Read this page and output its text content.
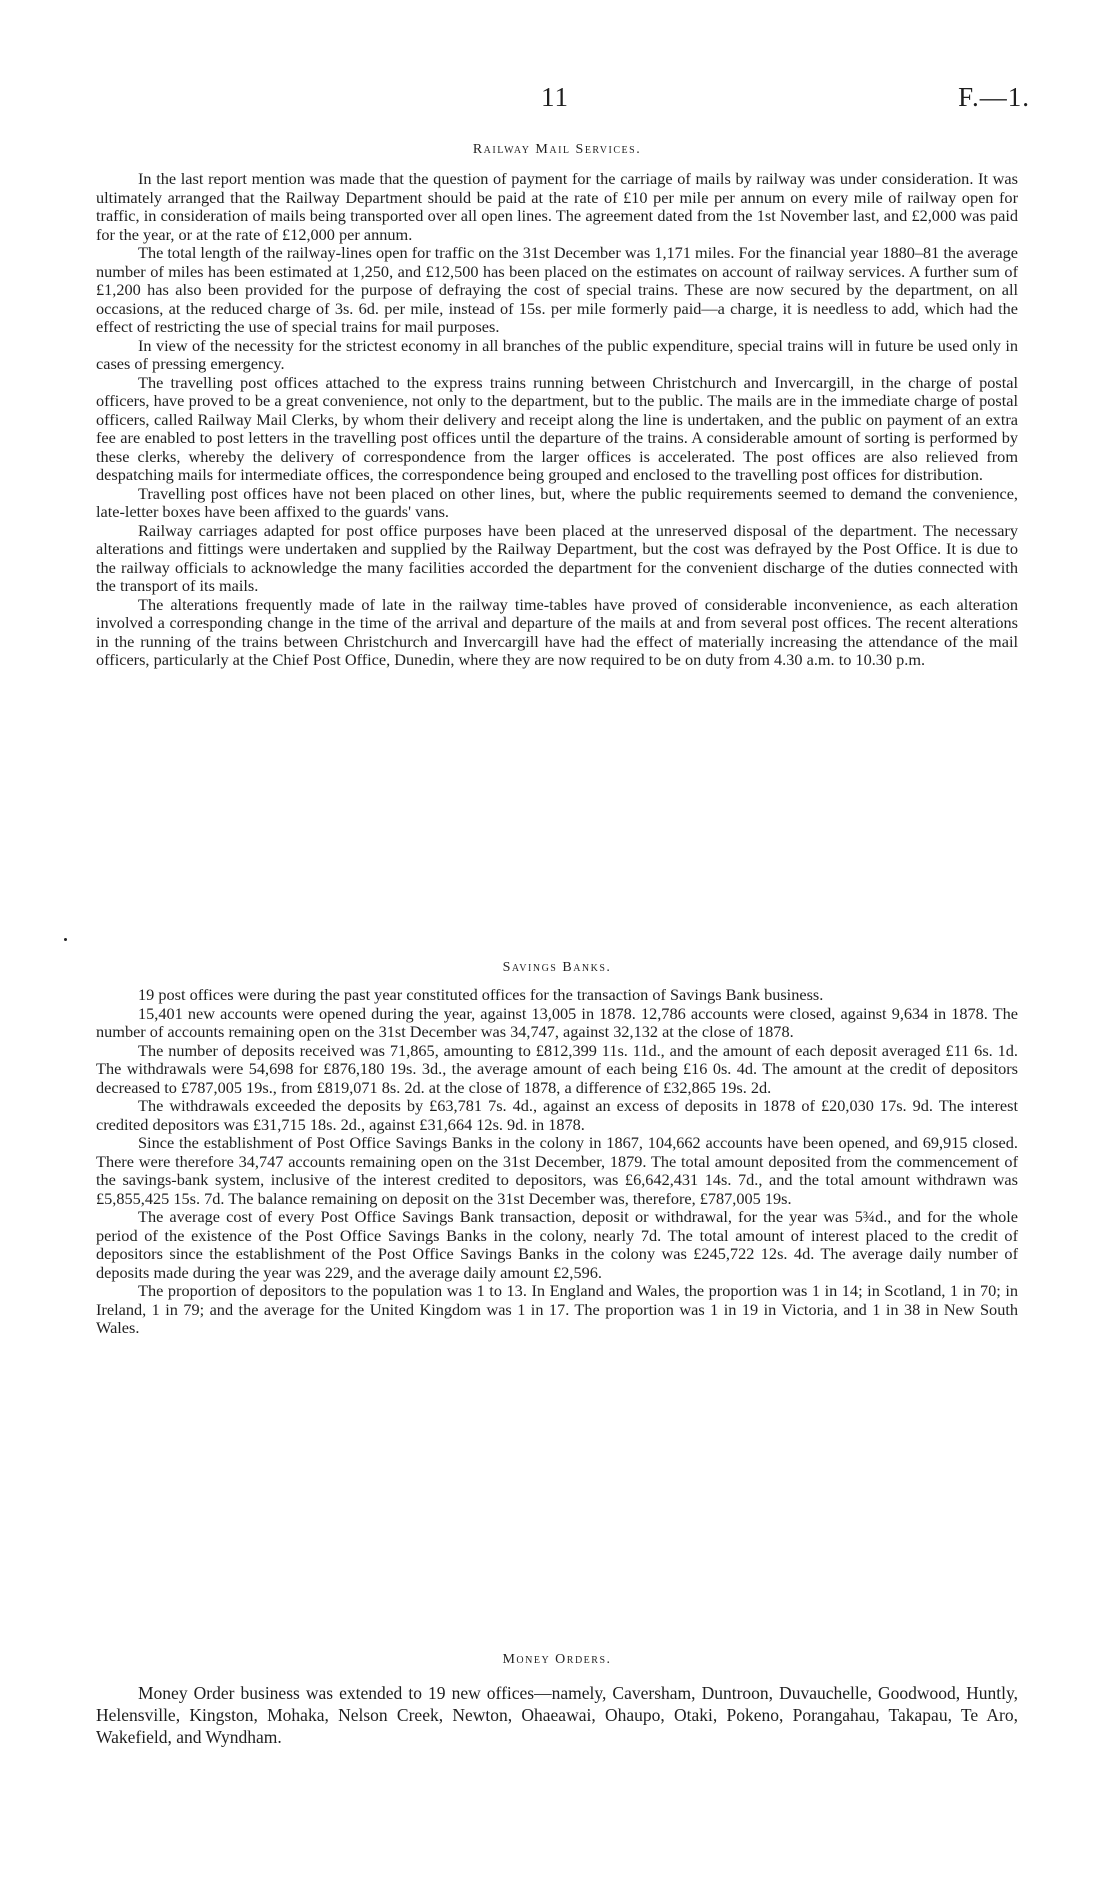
11	F.—1.
Railway Mail Services.

In the last report mention was made that the question of payment for the carriage of mails by railway was under consideration. It was ultimately arranged that the Railway Department should be paid at the rate of £10 per mile per annum on every mile of railway open for traffic, in consideration of mails being transported over all open lines. The agreement dated from the 1st November last, and £2,000 was paid for the year, or at the rate of £12,000 per annum.

The total length of the railway-lines open for traffic on the 31st December was 1,171 miles. For the financial year 1880–81 the average number of miles has been estimated at 1,250, and £12,500 has been placed on the estimates on account of railway services. A further sum of £1,200 has also been provided for the purpose of defraying the cost of special trains. These are now secured by the department, on all occasions, at the reduced charge of 3s. 6d. per mile, instead of 15s. per mile formerly paid—a charge, it is needless to add, which had the effect of restricting the use of special trains for mail purposes.

In view of the necessity for the strictest economy in all branches of the public expenditure, special trains will in future be used only in cases of pressing emergency.

The travelling post offices attached to the express trains running between Christchurch and Invercargill, in the charge of postal officers, have proved to be a great convenience, not only to the department, but to the public. The mails are in the immediate charge of postal officers, called Railway Mail Clerks, by whom their delivery and receipt along the line is undertaken, and the public on payment of an extra fee are enabled to post letters in the travelling post offices until the departure of the trains. A considerable amount of sorting is performed by these clerks, whereby the delivery of correspondence from the larger offices is accelerated. The post offices are also relieved from despatching mails for intermediate offices, the correspondence being grouped and enclosed to the travelling post offices for distribution.

Travelling post offices have not been placed on other lines, but, where the public requirements seemed to demand the convenience, late-letter boxes have been affixed to the guards' vans.

Railway carriages adapted for post office purposes have been placed at the unreserved disposal of the department. The necessary alterations and fittings were undertaken and supplied by the Railway Department, but the cost was defrayed by the Post Office. It is due to the railway officials to acknowledge the many facilities accorded the department for the convenient discharge of the duties connected with the transport of its mails.

The alterations frequently made of late in the railway time-tables have proved of considerable inconvenience, as each alteration involved a corresponding change in the time of the arrival and departure of the mails at and from several post offices. The recent alterations in the running of the trains between Christchurch and Invercargill have had the effect of materially increasing the attendance of the mail officers, particularly at the Chief Post Office, Dunedin, where they are now required to be on duty from 4.30 a.m. to 10.30 p.m.

Savings Banks.

19 post offices were during the past year constituted offices for the transaction of Savings Bank business.

15,401 new accounts were opened during the year, against 13,005 in 1878. 12,786 accounts were closed, against 9,634 in 1878. The number of accounts remaining open on the 31st December was 34,747, against 32,132 at the close of 1878.

The number of deposits received was 71,865, amounting to £812,399 11s. 11d., and the amount of each deposit averaged £11 6s. 1d. The withdrawals were 54,698 for £876,180 19s. 3d., the average amount of each being £16 0s. 4d. The amount at the credit of depositors decreased to £787,005 19s., from £819,071 8s. 2d. at the close of 1878, a difference of £32,865 19s. 2d.

The withdrawals exceeded the deposits by £63,781 7s. 4d., against an excess of deposits in 1878 of £20,030 17s. 9d. The interest credited depositors was £31,715 18s. 2d., against £31,664 12s. 9d. in 1878.

Since the establishment of Post Office Savings Banks in the colony in 1867, 104,662 accounts have been opened, and 69,915 closed. There were therefore 34,747 accounts remaining open on the 31st December, 1879. The total amount deposited from the commencement of the savings-bank system, inclusive of the interest credited to depositors, was £6,642,431 14s. 7d., and the total amount withdrawn was £5,855,425 15s. 7d. The balance remaining on deposit on the 31st December was, therefore, £787,005 19s.

The average cost of every Post Office Savings Bank transaction, deposit or withdrawal, for the year was 5¾d., and for the whole period of the existence of the Post Office Savings Banks in the colony, nearly 7d. The total amount of interest placed to the credit of depositors since the establishment of the Post Office Savings Banks in the colony was £245,722 12s. 4d. The average daily number of deposits made during the year was 229, and the average daily amount £2,596.

The proportion of depositors to the population was 1 to 13. In England and Wales, the proportion was 1 in 14; in Scotland, 1 in 70; in Ireland, 1 in 79; and the average for the United Kingdom was 1 in 17. The proportion was 1 in 19 in Victoria, and 1 in 38 in New South Wales.

Money Orders.

Money Order business was extended to 19 new offices—namely, Caversham, Duntroon, Duvauchelle, Goodwood, Huntly, Helensville, Kingston, Mohaka, Nelson Creek, Newton, Ohaeawai, Ohaupo, Otaki, Pokeno, Porangahau, Takapau, Te Aro, Wakefield, and Wyndham.
